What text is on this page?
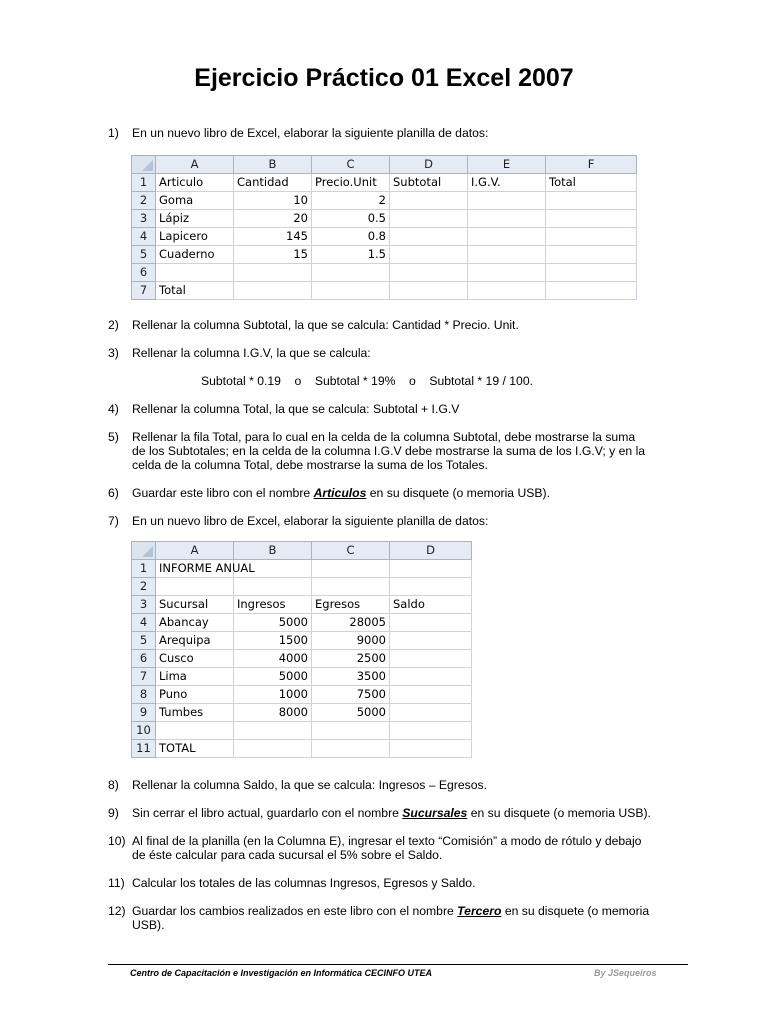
Ejercicio Práctico 01 Excel 2007
1) En un nuevo libro de Excel, elaborar la siguiente planilla de datos:
	A	B	C	D	E	F
1	Articulo	Cantidad	Precio.Unit	Subtotal	I.G.V.	Total
2	Goma	10	2			
3	Lápiz	20	0.5			
4	Lapicero	145	0.8			
5	Cuaderno	15	1.5			
6						
7	Total					
2) Rellenar la columna Subtotal, la que se calcula: Cantidad * Precio. Unit.
3) Rellenar la columna I.G.V, la que se calcula:
Subtotal * 0.19    o    Subtotal * 19%    o    Subtotal * 19 / 100.
4) Rellenar la columna Total, la que se calcula: Subtotal + I.G.V
5) Rellenar la fila Total, para lo cual en la celda de la columna Subtotal, debe mostrarse la suma
de los Subtotales; en la celda de la columna I.G.V debe mostrarse la suma de los I.G.V; y en la
celda de la columna Total, debe mostrarse la suma de los Totales.
6) Guardar este libro con el nombre Articulos en su disquete (o memoria USB).
7) En un nuevo libro de Excel, elaborar la siguiente planilla de datos:
	A	B	C	D
1	INFORME ANUAL			
2				
3	Sucursal	Ingresos	Egresos	Saldo
4	Abancay	5000	28005	
5	Arequipa	1500	9000	
6	Cusco	4000	2500	
7	Lima	5000	3500	
8	Puno	1000	7500	
9	Tumbes	8000	5000	
10				
11	TOTAL			
8) Rellenar la columna Saldo, la que se calcula: Ingresos – Egresos.
9) Sin cerrar el libro actual, guardarlo con el nombre Sucursales en su disquete (o memoria USB).
10) Al final de la planilla (en la Columna E), ingresar el texto “Comisión” a modo de rótulo y debajo
de éste calcular para cada sucursal el 5% sobre el Saldo.
11) Calcular los totales de las columnas Ingresos, Egresos y Saldo.
12) Guardar los cambios realizados en este libro con el nombre Tercero en su disquete (o memoria
USB).
Centro de Capacitación e Investigación en Informática CECINFO UTEA	By JSequeiros
